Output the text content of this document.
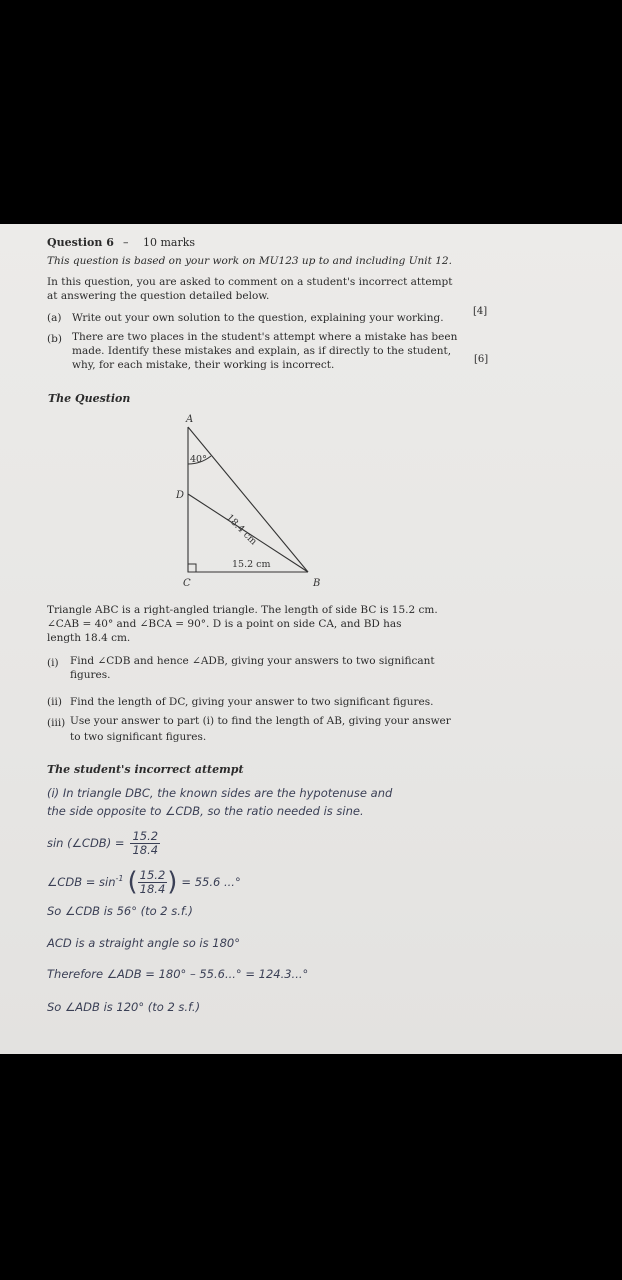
Question 6 – 10 marks
This question is based on your work on MU123 up to and including Unit 12.
In this question, you are asked to comment on a student's incorrect attempt
at answering the question detailed below.
(a) Write out your own solution to the question, explaining your working.
[4]
(b) There are two places in the student's attempt where a mistake has been
made. Identify these mistakes and explain, as if directly to the student,
why, for each mistake, their working is incorrect.	[6]
The Question
A
D
C	B
40°
18.4 cm
15.2 cm
Triangle ABC is a right-angled triangle. The length of side BC is 15.2 cm.
∠CAB = 40° and ∠BCA = 90°. D is a point on side CA, and BD has
length 18.4 cm.
(i) Find ∠CDB and hence ∠ADB, giving your answers to two significant
figures.
(ii) Find the length of DC, giving your answer to two significant figures.
(iii) Use your answer to part (i) to find the length of AB, giving your answer
to two significant figures.
The student's incorrect attempt
(i) In triangle DBC, the known sides are the hypotenuse and
the side opposite to ∠CDB, so the ratio needed is sine.
sin (∠CDB) = $\frac{15.2}{18.4}$
∠CDB = $\sin^{-1}$ ( $\frac{15.2}{18.4}$ ) = 55.6 ...°
So ∠CDB is 56° (to 2 s.f.)
ACD is a straight angle so is 180°
Therefore ∠ADB = 180° – 55.6...° = 124.3...°
So ∠ADB is 120° (to 2 s.f.)
